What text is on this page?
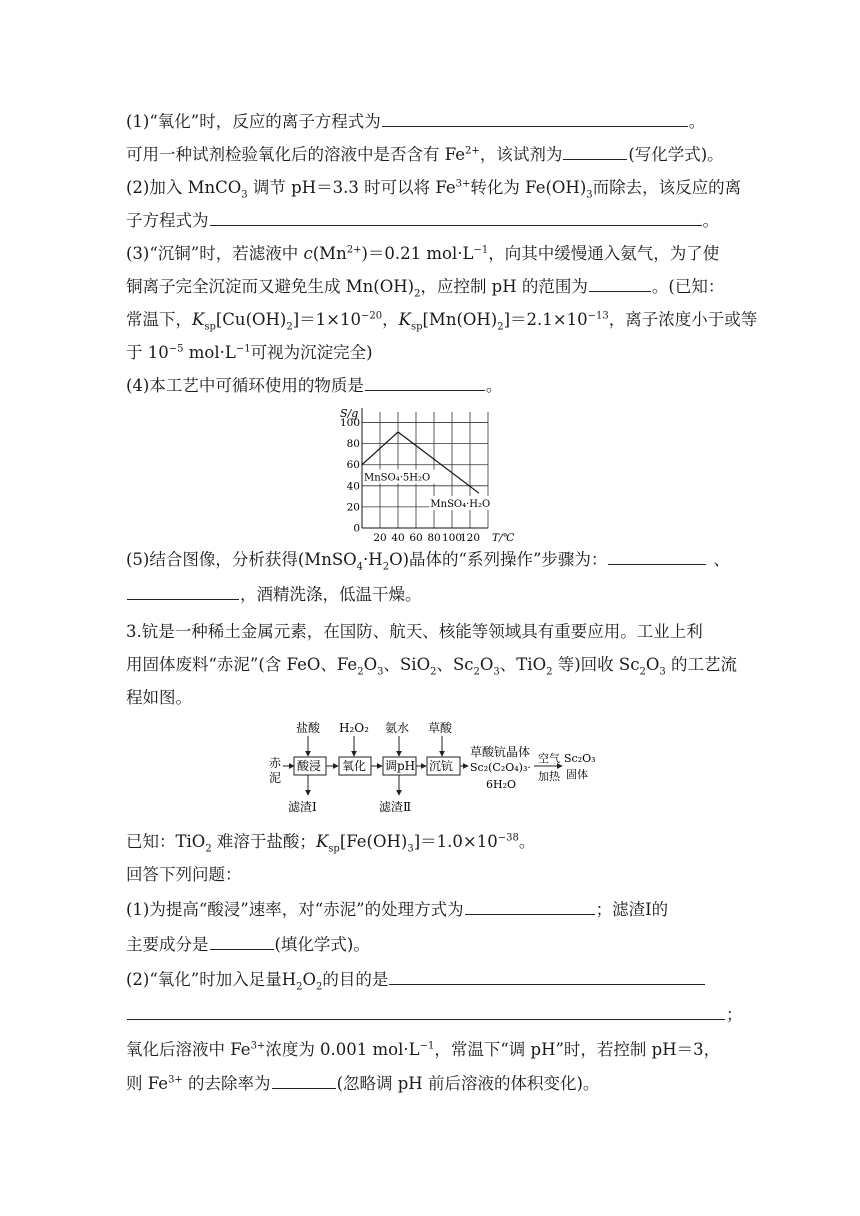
(1)“氧化”时，反应的离子方程式为	。
可用一种试剂检验氧化后的溶液中是否含有 $Fe^{2+}$，该试剂为	(写化学式)。
(2)加入 MnCO$_3$ 调节 pH＝3.3 时可以将 $Fe^{3+}$转化为 $Fe(OH)_3$而除去，该反应的离
子方程式为	。
(3)“沉铜”时，若滤液中 $c(Mn^{2+})=0.21$ $mol\cdot L^{-1}$，向其中缓慢通入氨气，为了使
铜离子完全沉淀而又避免生成 $Mn(OH)_2$，应控制 pH 的范围为	。(已知：
常温下，$K_{sp}[Cu(OH)_2]=1\times 10^{-20}$，$K_{sp}[Mn(OH)_2]=2.1\times 10^{-13}$，离子浓度小于或等
于 $10^{-5}$ $mol\cdot L^{-1}$可视为沉淀完全)
(4)本工艺中可循环使用的物质是	。
100
80
60
40
20
0
20 40 60 80 100
120
S/g
T/℃
MnSO₄·5H₂O
MnSO₄·H₂O
(5)结合图像，分析获得$(MnSO_4\cdot H_2O)$晶体的“系列操作”步骤为：	、
，酒精洗涤，低温干燥。
3.钪是一种稀土金属元素，在国防、航天、核能等领域具有重要应用。工业上利
用固体废料“赤泥”(含 FeO、$Fe_2O_3$、SiO$_2$、$Sc_2O_3$、TiO$_2$ 等)回收 $Sc_2O_3$ 的工艺流
程如图。
赤
泥
盐酸
酸浸
滤渣Ⅰ
H₂O₂
氧化
氨水
调pH
滤渣Ⅱ
草酸
沉钪
草酸钪晶体
Sc₂(C₂O₄)₃·
6H₂O
空气
加热
Sc₂O₃
固体
已知：TiO$_2$ 难溶于盐酸；$K_{sp}[Fe(OH)_3]=1.0\times 10^{-38}$。
回答下列问题：
(1)为提高“酸浸”速率，对“赤泥”的处理方式为	；滤渣Ⅰ的
主要成分是	(填化学式)。
(2)“氧化”时加入足量$H_2O_2$的目的是
；
氧化后溶液中 $Fe^{3+}$浓度为 0.001 $mol\cdot L^{-1}$，常温下“调 pH”时，若控制 pH＝3，
则 $Fe^{3+}$ 的去除率为	(忽略调 pH 前后溶液的体积变化)。
